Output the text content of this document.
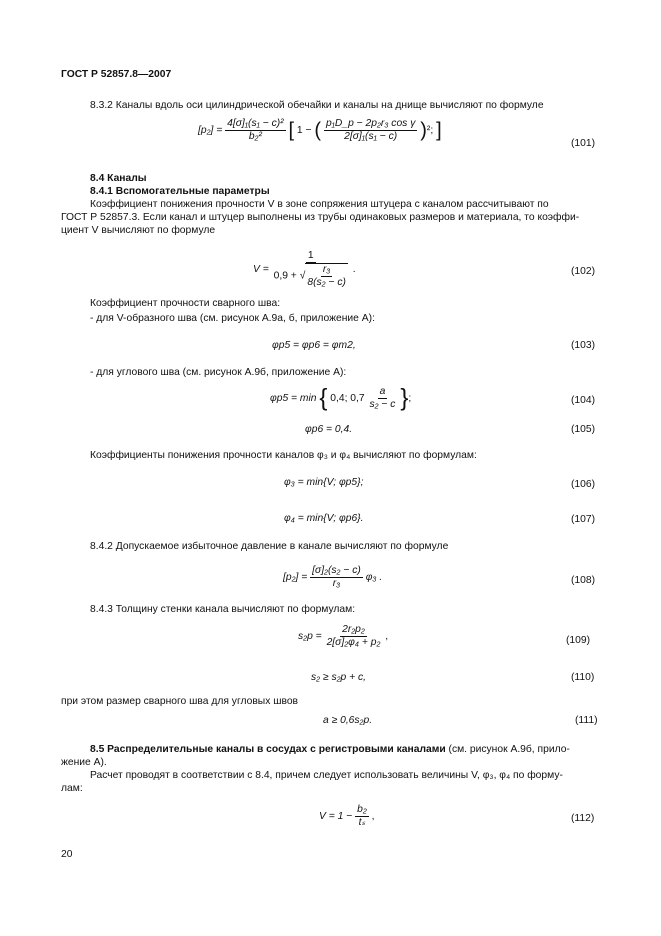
ГОСТ Р 52857.8—2007
8.3.2 Каналы вдоль оси цилиндрической обечайки и каналы на днище вычисляют по формуле
$[p_2] = \frac{\text{4[σ]₁(s₁ − c)²}}{\text{b₂²}}$ [ 1 − ( $\frac{\text{p₁D\_p − 2p₂r₃ cos γ}}{\text{2[σ]₁(s₁ − c)}} )^2$; ]
(101)
8.4 Каналы
8.4.1 Вспомогательные параметры
Коэффициент понижения прочности V в зоне сопряжения штуцера с каналом рассчитывают по
ГОСТ Р 52857.3. Если канал и штуцер выполнены из трубы одинаковых размеров и материала, то коэффи-
циент V вычисляют по формуле
$V = \frac{1}{0,9 + √ \frac{\text{r₃}}{\text{8(s₂ − c)}}}$ .	(102)
Коэффициент прочности сварного шва:
- для V-образного шва (см. рисунок А.9а, б, приложение А):
φр5 = φр6 = φт2,	(103)
- для углового шва (см. рисунок А.9б, приложение А):
φр5 = min { 0,4; $0,7 \frac{a}{\text{s₂ − c}}$ };	(104)
φр6 = 0,4.	(105)
Коэффициенты понижения прочности каналов φ₃ и φ₄ вычисляют по формулам:
φ₃ = min{V; φр5};	(106)
φ₄ = min{V; φр6}.	(107)
8.4.2 Допускаемое избыточное давление в канале вычисляют по формуле
$[p_2] = \frac{\text{[σ]₂(s₂ − c)}}{\text{r₃}} \varphi_3$ .	(108)
8.4.3 Толщину стенки канала вычисляют по формулам:
$s_2р = \frac{\text{2r₂p₂}}{\text{2[σ]₂φ₄ + p₂}}$ ,	(109)
s₂ ≥ s₂р + c,	(110)
при этом размер сварного шва для угловых швов
a ≥ 0,6s₂р.	(111)
8.5 Распределительные каналы в сосудах с регистровыми каналами (см. рисунок А.9б, прило-
жение А).
Расчет проводят в соответствии с 8.4, причем следует использовать величины V, φ₃, φ₄ по форму-
лам:
$V = 1 - \frac{\text{b₂}}{\text{tₛ}}$ ,	(112)
20
